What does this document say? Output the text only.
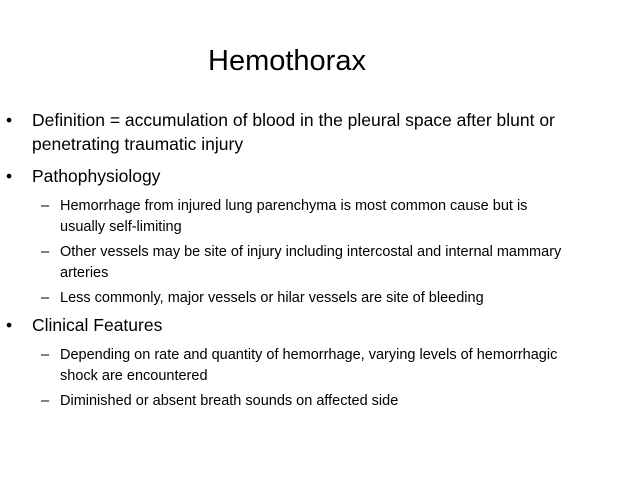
Hemothorax
• Definition = accumulation of blood in the pleural space after blunt or penetrating traumatic injury
• Pathophysiology
– Hemorrhage from injured lung parenchyma is most common cause but is usually self-limiting
– Other vessels may be site of injury including intercostal and internal mammary arteries
– Less commonly, major vessels or hilar vessels are site of bleeding
• Clinical Features
– Depending on rate and quantity of hemorrhage, varying levels of hemorrhagic shock are encountered
– Diminished or absent breath sounds on affected side
